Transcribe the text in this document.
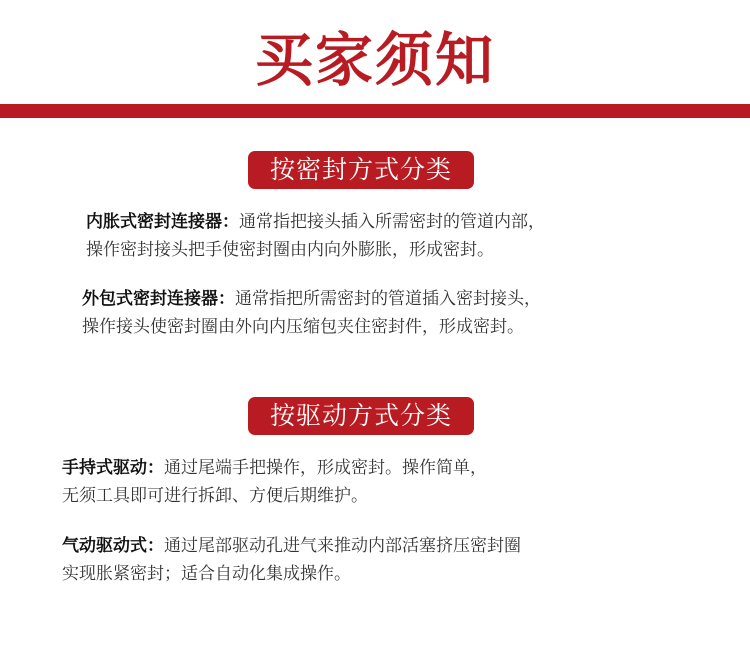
买家须知
按密封方式分类
内胀式密封连接器：通常指把接头插入所需密封的管道内部，
操作密封接头把手使密封圈由内向外膨胀，形成密封。
外包式密封连接器：通常指把所需密封的管道插入密封接头，
操作接头使密封圈由外向内压缩包夹住密封件，形成密封。
按驱动方式分类
手持式驱动：通过尾端手把操作，形成密封。操作简单，
无须工具即可进行拆卸、方便后期维护。
气动驱动式：通过尾部驱动孔进气来推动内部活塞挤压密封圈
实现胀紧密封；适合自动化集成操作。
